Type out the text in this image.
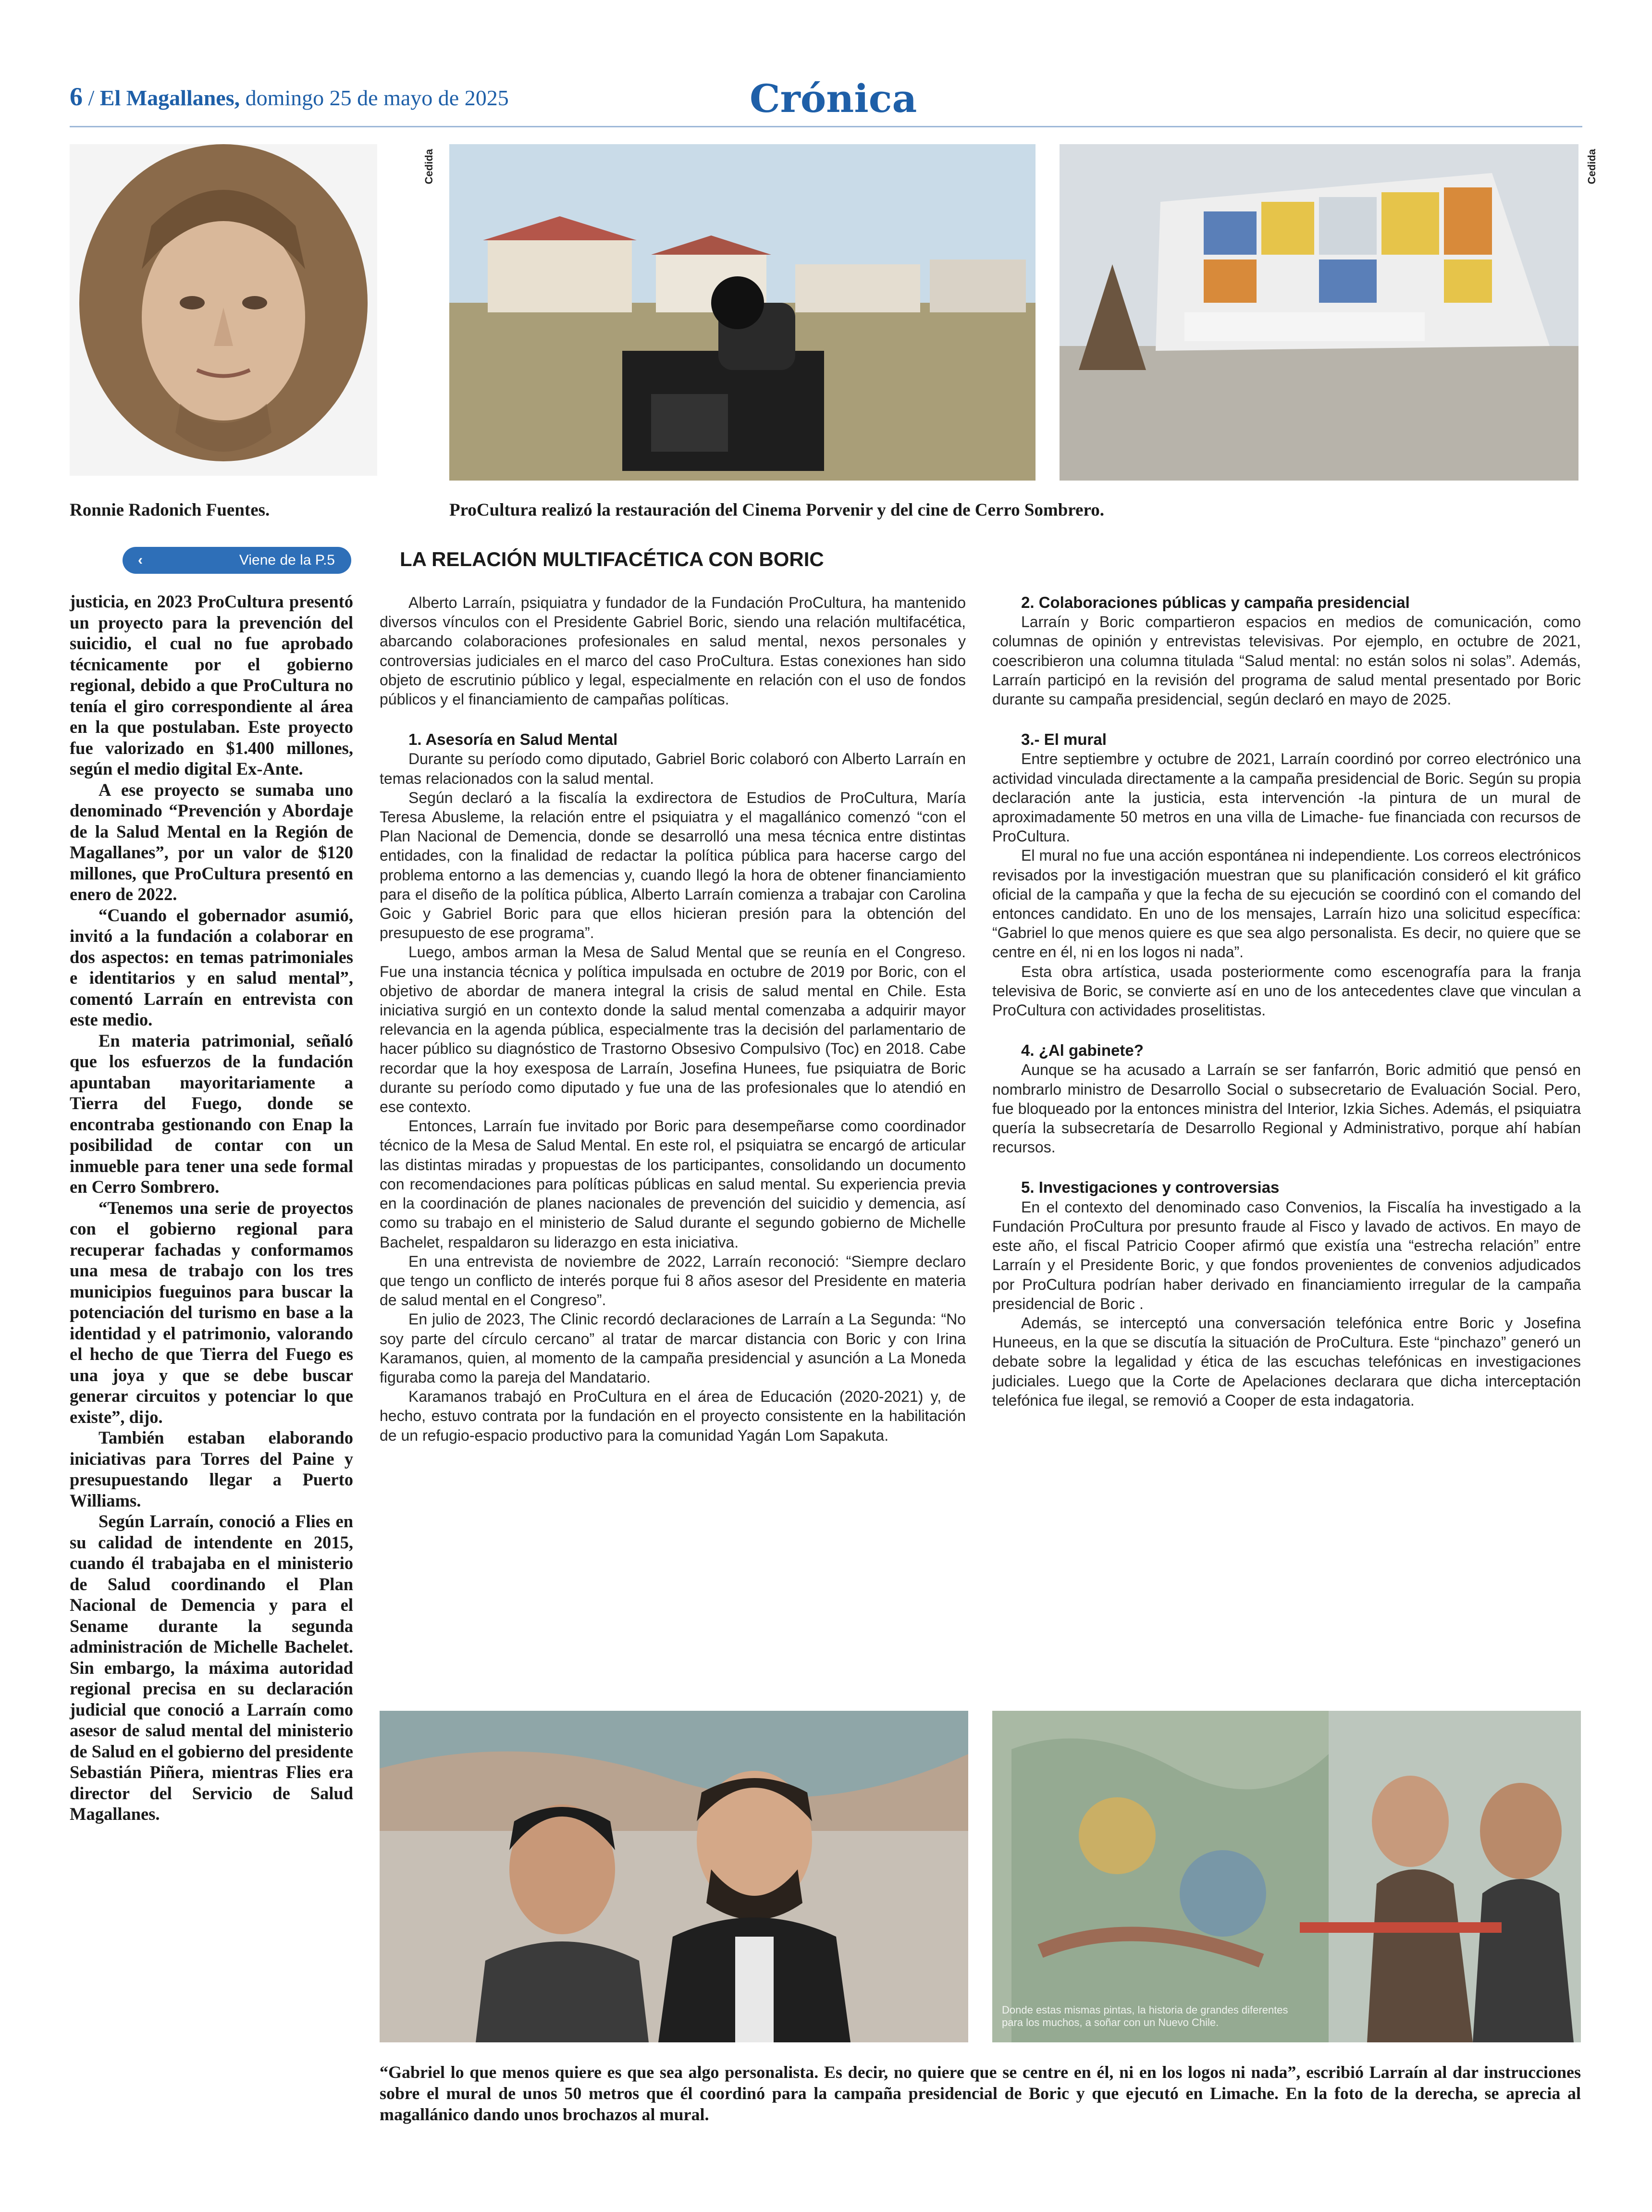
6 / El Magallanes, domingo 25 de mayo de 2025	Crónica
Cedida	Cedida
Ronnie Radonich Fuentes.	ProCultura realizó la restauración del Cinema Porvenir y del cine de Cerro Sombrero.
‹	Viene de la P.5	LA RELACIÓN MULTIFACÉTICA CON BORIC

justicia, en 2023 ProCultura presentó un proyecto para la prevención del suicidio, el cual no fue aprobado técnicamente por el gobierno regional, debido a que ProCultura no tenía el giro correspondiente al área en la que postulaban. Este proyecto fue valorizado en $1.400 millones, según el medio digital Ex-Ante.

A ese proyecto se sumaba uno denominado “Prevención y Abordaje de la Salud Mental en la Región de Magallanes”, por un valor de $120 millones, que ProCultura presentó en enero de 2022.

“Cuando el gobernador asumió, invitó a la fundación a colaborar en dos aspectos: en temas patrimoniales e identitarios y en salud mental”, comentó Larraín en entrevista con este medio.

En materia patrimonial, señaló que los esfuerzos de la fundación apuntaban mayoritariamente a Tierra del Fuego, donde se encontraba gestionando con Enap la posibilidad de contar con un inmueble para tener una sede formal en Cerro Sombrero.

“Tenemos una serie de proyectos con el gobierno regional para recuperar fachadas y conformamos una mesa de trabajo con los tres municipios fueguinos para buscar la potenciación del turismo en base a la identidad y el patrimonio, valorando el hecho de que Tierra del Fuego es una joya y que se debe buscar generar circuitos y potenciar lo que existe”, dijo.

También estaban elaborando iniciativas para Torres del Paine y presupuestando llegar a Puerto Williams.

Según Larraín, conoció a Flies en su calidad de intendente en 2015, cuando él trabajaba en el ministerio de Salud coordinando el Plan Nacional de Demencia y para el Sename durante la segunda administración de Michelle Bachelet. Sin embargo, la máxima autoridad regional precisa en su declaración judicial que conoció a Larraín como asesor de salud mental del ministerio de Salud en el gobierno del presidente Sebastián Piñera, mientras Flies era director del Servicio de Salud Magallanes.

Alberto Larraín, psiquiatra y fundador de la Fundación ProCultura, ha mantenido diversos vínculos con el Presidente Gabriel Boric, siendo una relación multifacética, abarcando colaboraciones profesionales en salud mental, nexos personales y controversias judiciales en el marco del caso ProCultura. Estas conexiones han sido objeto de escrutinio público y legal, especialmente en relación con el uso de fondos públicos y el financiamiento de campañas políticas.

1. Asesoría en Salud Mental

Durante su período como diputado, Gabriel Boric colaboró con Alberto Larraín en temas relacionados con la salud mental.

Según declaró a la fiscalía la exdirectora de Estudios de ProCultura, María Teresa Abusleme, la relación entre el psiquiatra y el magallánico comenzó “con el Plan Nacional de Demencia, donde se desarrolló una mesa técnica entre distintas entidades, con la finalidad de redactar la política pública para hacerse cargo del problema entorno a las demencias y, cuando llegó la hora de obtener financiamiento para el diseño de la política pública, Alberto Larraín comienza a trabajar con Carolina Goic y Gabriel Boric para que ellos hicieran presión para la obtención del presupuesto de ese programa”.

Luego, ambos arman la Mesa de Salud Mental que se reunía en el Congreso. Fue una instancia técnica y política impulsada en octubre de 2019 por Boric, con el objetivo de abordar de manera integral la crisis de salud mental en Chile. Esta iniciativa surgió en un contexto donde la salud mental comenzaba a adquirir mayor relevancia en la agenda pública, especialmente tras la decisión del parlamentario de hacer público su diagnóstico de Trastorno Obsesivo Compulsivo (Toc) en 2018. Cabe recordar que la hoy exesposa de Larraín, Josefina Hunees, fue psiquiatra de Boric durante su período como diputado y fue una de las profesionales que lo atendió en ese contexto.

Entonces, Larraín fue invitado por Boric para desempeñarse como coordinador técnico de la Mesa de Salud Mental. En este rol, el psiquiatra se encargó de articular las distintas miradas y propuestas de los participantes, consolidando un documento con recomendaciones para políticas públicas en salud mental. Su experiencia previa en la coordinación de planes nacionales de prevención del suicidio y demencia, así como su trabajo en el ministerio de Salud durante el segundo gobierno de Michelle Bachelet, respaldaron su liderazgo en esta iniciativa.

En una entrevista de noviembre de 2022, Larraín reconoció: “Siempre declaro que tengo un conflicto de interés porque fui 8 años asesor del Presidente en materia de salud mental en el Congreso”.

En julio de 2023, The Clinic recordó declaraciones de Larraín a La Segunda: “No soy parte del círculo cercano” al tratar de marcar distancia con Boric y con Irina Karamanos, quien, al momento de la campaña presidencial y asunción a La Moneda figuraba como la pareja del Mandatario.

Karamanos trabajó en ProCultura en el área de Educación (2020-2021) y, de hecho, estuvo contrata por la fundación en el proyecto consistente en la habilitación de un refugio-espacio productivo para la comunidad Yagán Lom Sapakuta.

2. Colaboraciones públicas y campaña presidencial

Larraín y Boric compartieron espacios en medios de comunicación, como columnas de opinión y entrevistas televisivas. Por ejemplo, en octubre de 2021, coescribieron una columna titulada “Salud mental: no están solos ni solas”. Además, Larraín participó en la revisión del programa de salud mental presentado por Boric durante su campaña presidencial, según declaró en mayo de 2025.

3.- El mural

Entre septiembre y octubre de 2021, Larraín coordinó por correo electrónico una actividad vinculada directamente a la campaña presidencial de Boric. Según su propia declaración ante la justicia, esta intervención -la pintura de un mural de aproximadamente 50 metros en una villa de Limache- fue financiada con recursos de ProCultura.

El mural no fue una acción espontánea ni independiente. Los correos electrónicos revisados por la investigación muestran que su planificación consideró el kit gráfico oficial de la campaña y que la fecha de su ejecución se coordinó con el comando del entonces candidato. En uno de los mensajes, Larraín hizo una solicitud específica: “Gabriel lo que menos quiere es que sea algo personalista. Es decir, no quiere que se centre en él, ni en los logos ni nada”.

Esta obra artística, usada posteriormente como escenografía para la franja televisiva de Boric, se convierte así en uno de los antecedentes clave que vinculan a ProCultura con actividades proselitistas.

4. ¿Al gabinete?

Aunque se ha acusado a Larraín se ser fanfarrón, Boric admitió que pensó en nombrarlo ministro de Desarrollo Social o subsecretario de Evaluación Social. Pero, fue bloqueado por la entonces ministra del Interior, Izkia Siches. Además, el psiquiatra quería la subsecretaría de Desarrollo Regional y Administrativo, porque ahí habían recursos.

5. Investigaciones y controversias

En el contexto del denominado caso Convenios, la Fiscalía ha investigado a la Fundación ProCultura por presunto fraude al Fisco y lavado de activos. En mayo de este año, el fiscal Patricio Cooper afirmó que existía una “estrecha relación” entre Larraín y el Presidente Boric, y que fondos provenientes de convenios adjudicados por ProCultura podrían haber derivado en financiamiento irregular de la campaña presidencial de Boric .

Además, se interceptó una conversación telefónica entre Boric y Josefina Huneeus, en la que se discutía la situación de ProCultura. Este “pinchazo” generó un debate sobre la legalidad y ética de las escuchas telefónicas en investigaciones judiciales. Luego que la Corte de Apelaciones declarara que dicha interceptación telefónica fue ilegal, se removió a Cooper de esta indagatoria.

Donde estas mismas pintas, la historia de grandes diferentes para los muchos, a soñar con un Nuevo Chile.
“Gabriel lo que menos quiere es que sea algo personalista. Es decir, no quiere que se centre en él, ni en los logos ni nada”, escribió Larraín al dar instrucciones sobre el mural de unos 50 metros que él coordinó para la campaña presidencial de Boric y que ejecutó en Limache. En la foto de la derecha, se aprecia al magallánico dando unos brochazos al mural.
